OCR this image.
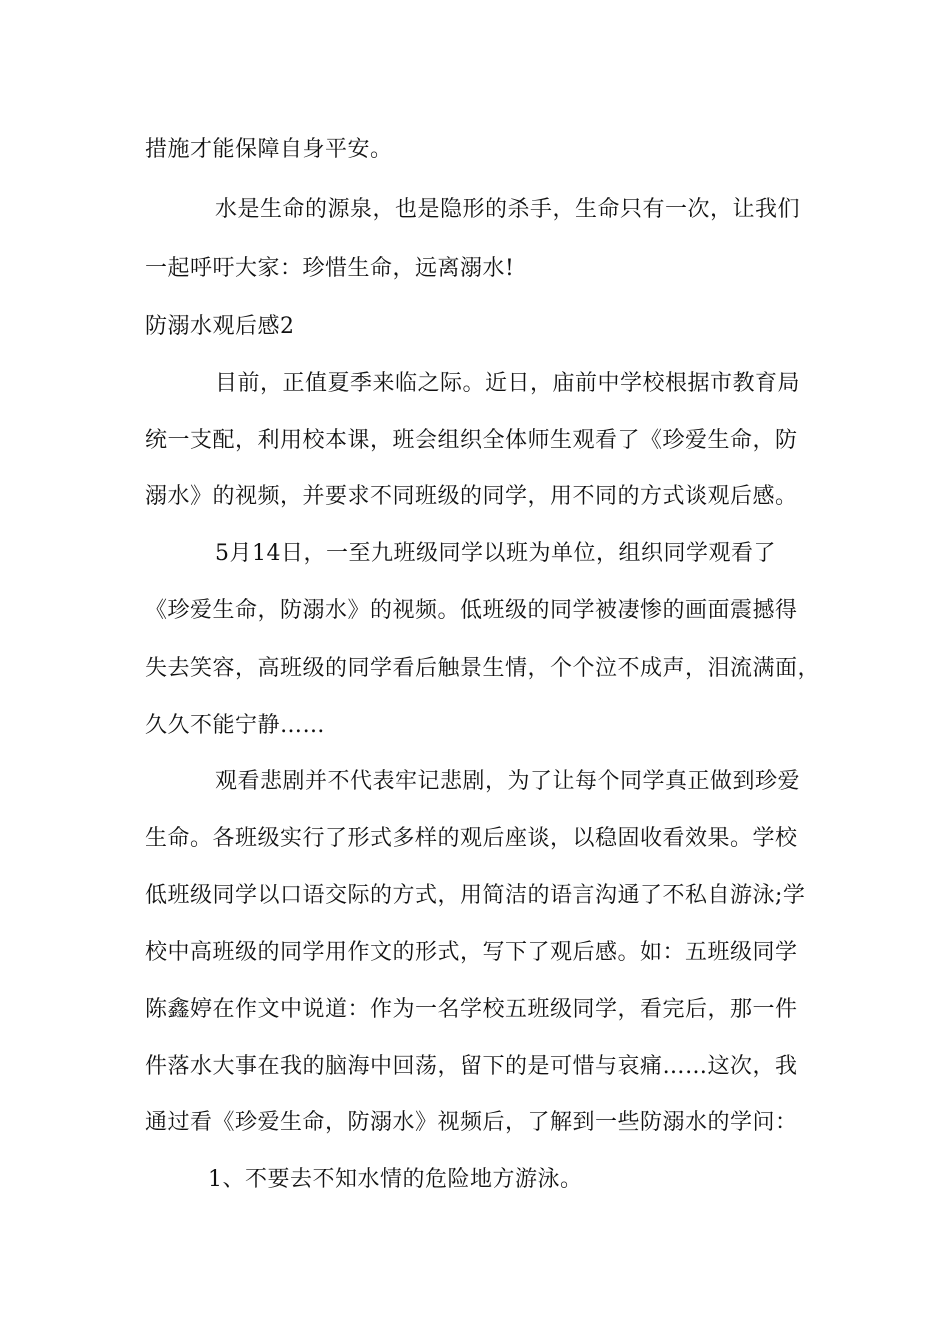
措施才能保障自身平安。
水是生命的源泉，也是隐形的杀手，生命只有一次，让我们
一起呼吁大家：珍惜生命，远离溺水!
防溺水观后感2
目前，正值夏季来临之际。近日，庙前中学校根据市教育局
统一支配，利用校本课，班会组织全体师生观看了《珍爱生命，防
溺水》的视频，并要求不同班级的同学，用不同的方式谈观后感。
5月14日，一至九班级同学以班为单位，组织同学观看了
《珍爱生命，防溺水》的视频。低班级的同学被凄惨的画面震撼得
失去笑容，高班级的同学看后触景生情，个个泣不成声，泪流满面，
久久不能宁静……
观看悲剧并不代表牢记悲剧，为了让每个同学真正做到珍爱
生命。各班级实行了形式多样的观后座谈，以稳固收看效果。学校
低班级同学以口语交际的方式，用简洁的语言沟通了不私自游泳;学
校中高班级的同学用作文的形式，写下了观后感。如：五班级同学
陈鑫婷在作文中说道：作为一名学校五班级同学，看完后，那一件
件落水大事在我的脑海中回荡，留下的是可惜与哀痛……这次，我
通过看《珍爱生命，防溺水》视频后，了解到一些防溺水的学问：
1、不要去不知水情的危险地方游泳。
